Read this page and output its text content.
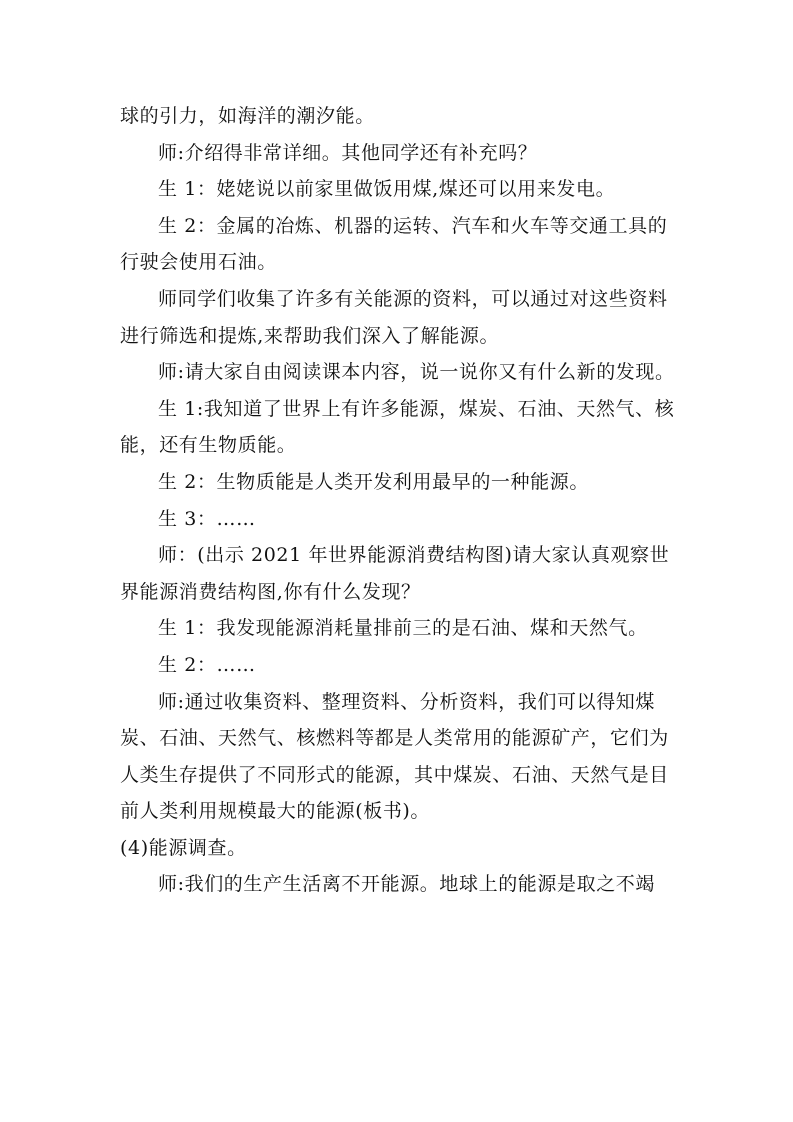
球的引力，如海洋的潮汐能。

师:介绍得非常详细。其他同学还有补充吗？

生 1：姥姥说以前家里做饭用煤,煤还可以用来发电。

生 2：金属的冶炼、机器的运转、汽车和火车等交通工具的行驶会使用石油。

师同学们收集了许多有关能源的资料，可以通过对这些资料进行筛选和提炼,来帮助我们深入了解能源。

师:请大家自由阅读课本内容，说一说你又有什么新的发现。

生 1:我知道了世界上有许多能源，煤炭、石油、天然气、核能，还有生物质能。

生 2：生物质能是人类开发利用最早的一种能源。

生 3：……

师：(出示 2021 年世界能源消费结构图)请大家认真观察世界能源消费结构图,你有什么发现？

生 1：我发现能源消耗量排前三的是石油、煤和天然气。

生 2：……

师:通过收集资料、整理资料、分析资料，我们可以得知煤炭、石油、天然气、核燃料等都是人类常用的能源矿产，它们为人类生存提供了不同形式的能源，其中煤炭、石油、天然气是目前人类利用规模最大的能源(板书)。

(4)能源调查。

师:我们的生产生活离不开能源。地球上的能源是取之不竭
